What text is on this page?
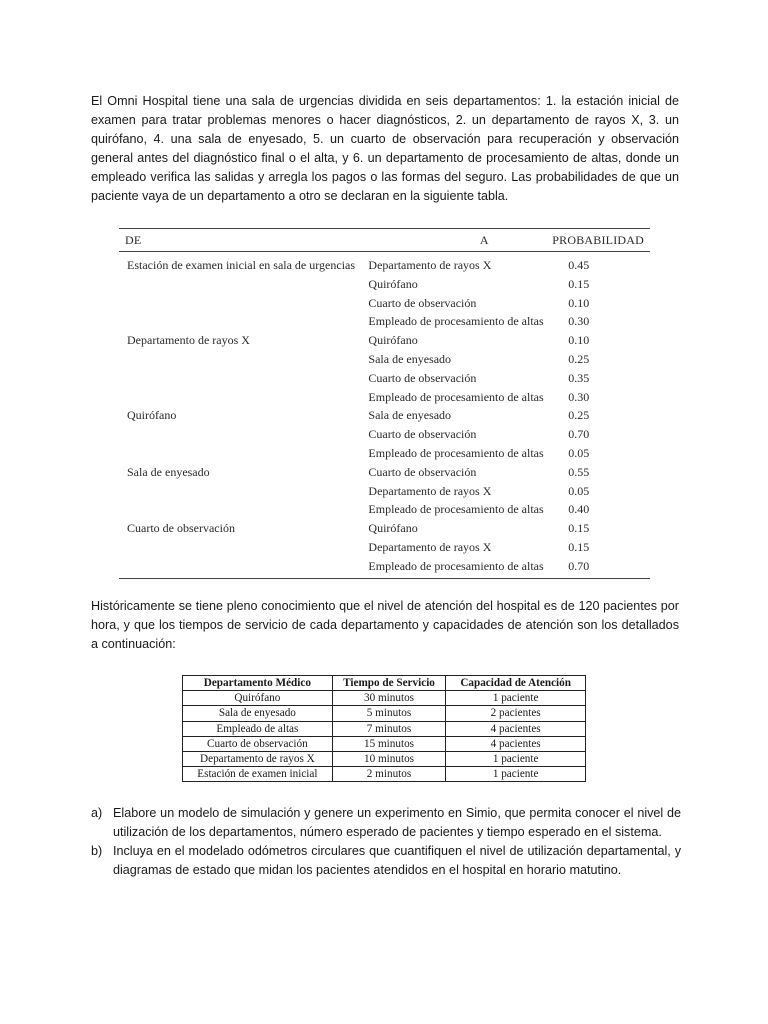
El Omni Hospital tiene una sala de urgencias dividida en seis departamentos: 1. la estación inicial de examen para tratar problemas menores o hacer diagnósticos, 2. un departamento de rayos X, 3. un quirófano, 4. una sala de enyesado, 5. un cuarto de observación para recuperación y observación general antes del diagnóstico final o el alta, y 6. un departamento de procesamiento de altas, donde un empleado verifica las salidas y arregla los pagos o las formas del seguro. Las probabilidades de que un paciente vaya de un departamento a otro se declaran en la siguiente tabla.

DE	A	PROBABILIDAD
Estación de examen inicial en sala de urgencias	Departamento de rayos X	0.45
	Quirófano	0.15
	Cuarto de observación	0.10
	Empleado de procesamiento de altas	0.30
Departamento de rayos X	Quirófano	0.10
	Sala de enyesado	0.25
	Cuarto de observación	0.35
	Empleado de procesamiento de altas	0.30
Quirófano	Sala de enyesado	0.25
	Cuarto de observación	0.70
	Empleado de procesamiento de altas	0.05
Sala de enyesado	Cuarto de observación	0.55
	Departamento de rayos X	0.05
	Empleado de procesamiento de altas	0.40
Cuarto de observación	Quirófano	0.15
	Departamento de rayos X	0.15
	Empleado de procesamiento de altas	0.70

Históricamente se tiene pleno conocimiento que el nivel de atención del hospital es de 120 pacientes por hora, y que los tiempos de servicio de cada departamento y capacidades de atención son los detallados a continuación:

Departamento Médico	Tiempo de Servicio	Capacidad de Atención
Quirófano	30 minutos	1 paciente
Sala de enyesado	5 minutos	2 pacientes
Empleado de altas	7 minutos	4 pacientes
Cuarto de observación	15 minutos	4 pacientes
Departamento de rayos X	10 minutos	1 paciente
Estación de examen inicial	2 minutos	1 paciente
a) Elabore un modelo de simulación y genere un experimento en Simio, que permita conocer el nivel de utilización de los departamentos, número esperado de pacientes y tiempo esperado en el sistema.
b) Incluya en el modelado odómetros circulares que cuantifiquen el nivel de utilización departamental, y diagramas de estado que midan los pacientes atendidos en el hospital en horario matutino.
